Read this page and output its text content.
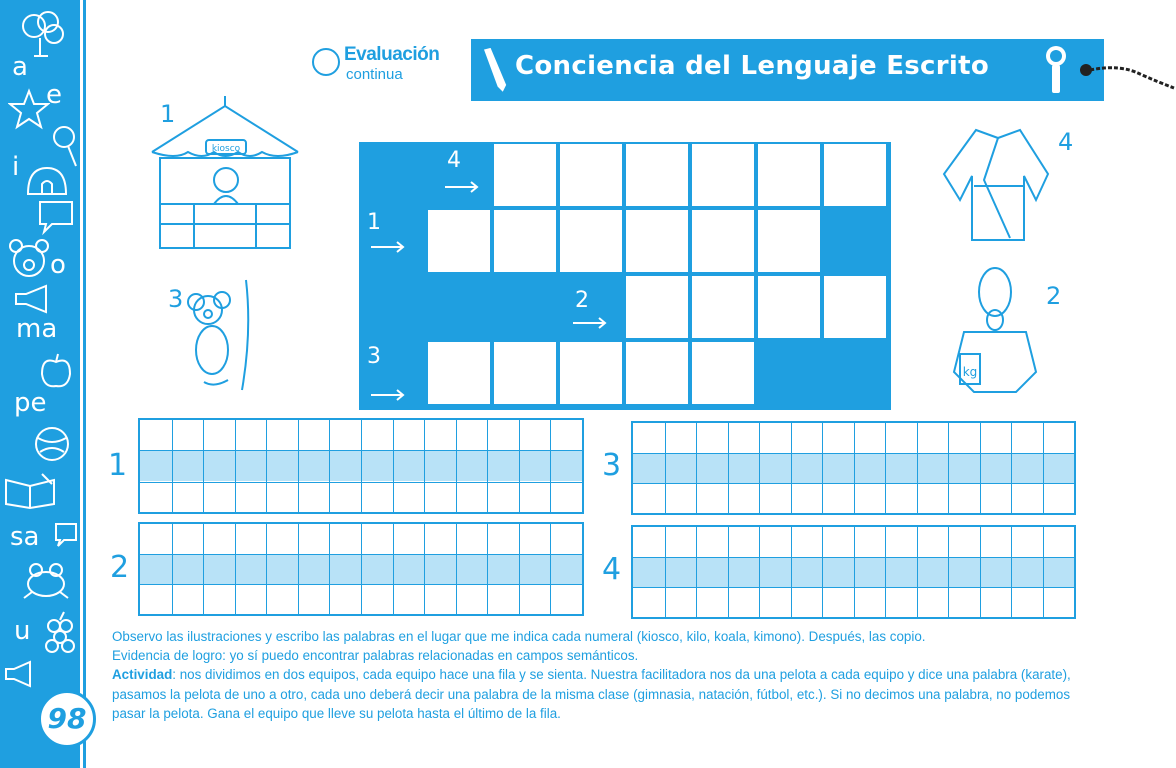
a
e
i
o
ma
pe
sa
u
98
Evaluación
continua	Conciencia del Lenguaje Escrito
1
kiosco
3
4
2
kg
4
1
2
3
1
2
3
4

Observo las ilustraciones y escribo las palabras en el lugar que me indica cada numeral (kiosco, kilo, koala, kimono). Después, las copio.

Evidencia de logro: yo sí puedo encontrar palabras relacionadas en campos semánticos.

Actividad: nos dividimos en dos equipos, cada equipo hace una fila y se sienta. Nuestra facilitadora nos da una pelota a cada equipo y dice una palabra (karate), pasamos la pelota de uno a otro, cada uno deberá decir una palabra de la misma clase (gimnasia, natación, fútbol, etc.). Si no decimos una palabra, no podemos pasar la pelota. Gana el equipo que lleve su pelota hasta el último de la fila.
